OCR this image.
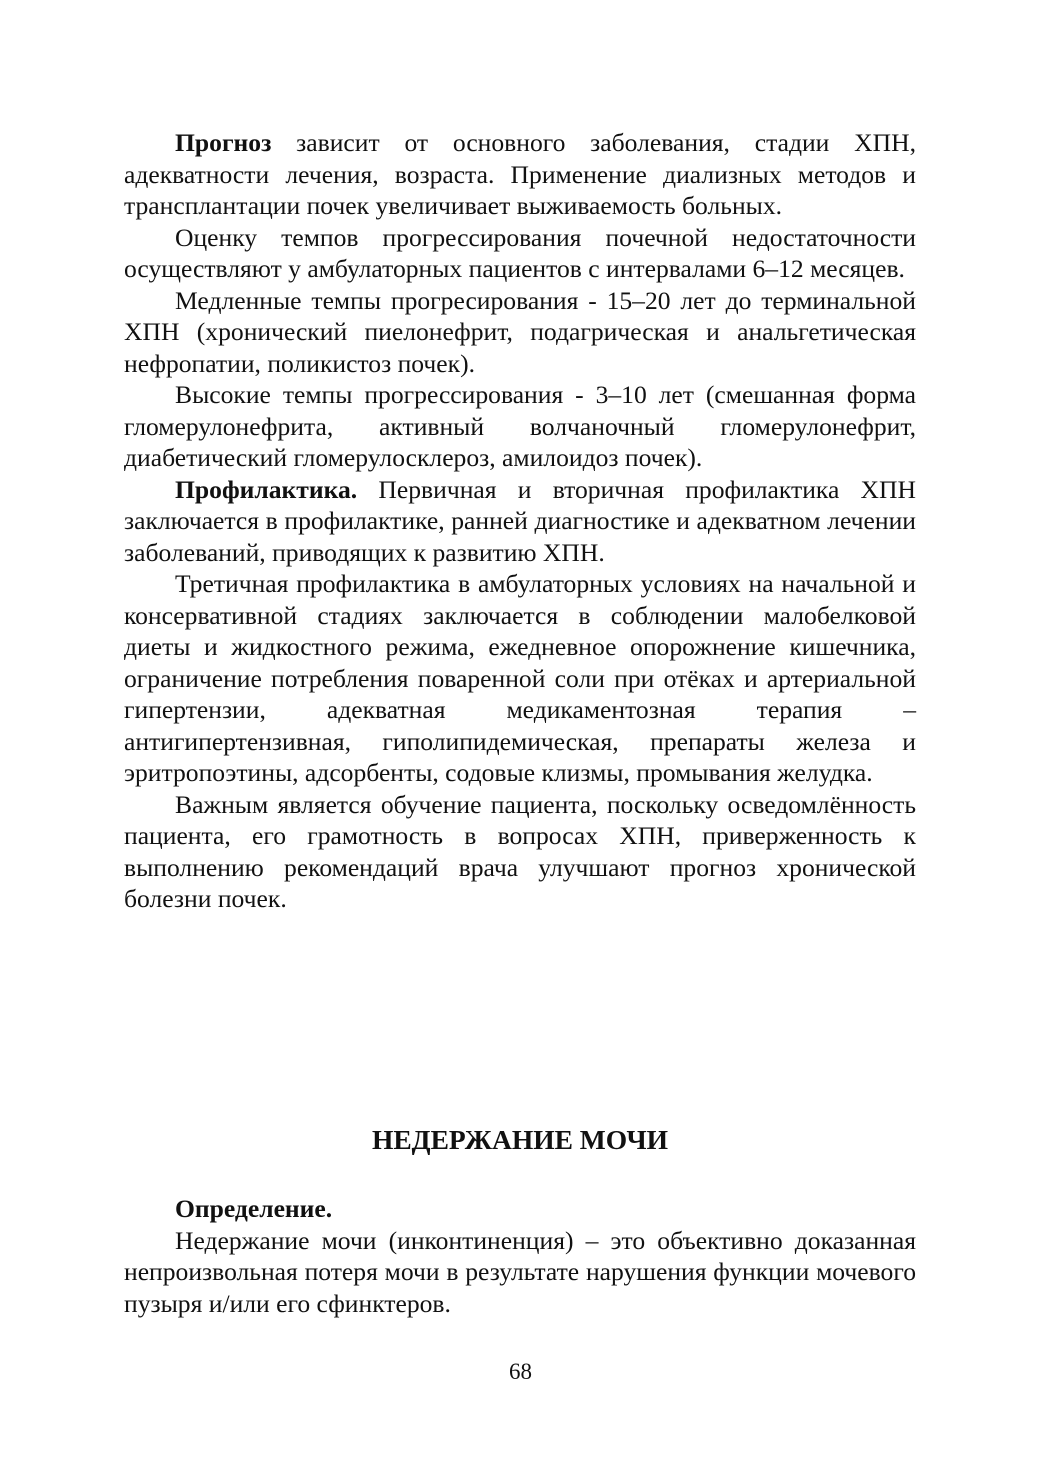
Прогноз зависит от основного заболевания, стадии ХПН, адекватности лечения, возраста. Применение диализных методов и трансплантации почек увеличивает выживаемость больных.

Оценку темпов прогрессирования почечной недостаточности осуществляют у амбулаторных пациентов с интервалами 6–12 месяцев.

Медленные темпы прогресирования - 15–20 лет до терминальной ХПН (хронический пиелонефрит, подагрическая и анальгетическая нефропатии, поликистоз почек).

Высокие темпы прогрессирования - 3–10 лет (смешанная форма гломерулонефрита, активный волчаночный гломерулонефрит, диабетический гломерулосклероз, амилоидоз почек).

Профилактика. Первичная и вторичная профилактика ХПН заключается в профилактике, ранней диагностике и адекватном лечении заболеваний, приводящих к развитию ХПН.

Третичная профилактика в амбулаторных условиях на начальной и консервативной стадиях заключается в соблюдении малобелковой диеты и жидкостного режима, ежедневное опорожнение кишечника, ограничение потребления поваренной соли при отёках и артериальной гипертензии, адекватная медикаментозная терапия – антигипертензивная, гиполипидемическая, препараты железа и эритропоэтины, адсорбенты, содовые клизмы, промывания желудка.

Важным является обучение пациента, поскольку осведомлённость пациента, его грамотность в вопросах ХПН, приверженность к выполнению рекомендаций врача улучшают прогноз хронической болезни почек.

НЕДЕРЖАНИЕ МОЧИ

Определение.

Недержание мочи (инконтиненция) – это объективно доказанная непроизвольная потеря мочи в результате нарушения функции мочевого пузыря и/или его сфинктеров.

68
